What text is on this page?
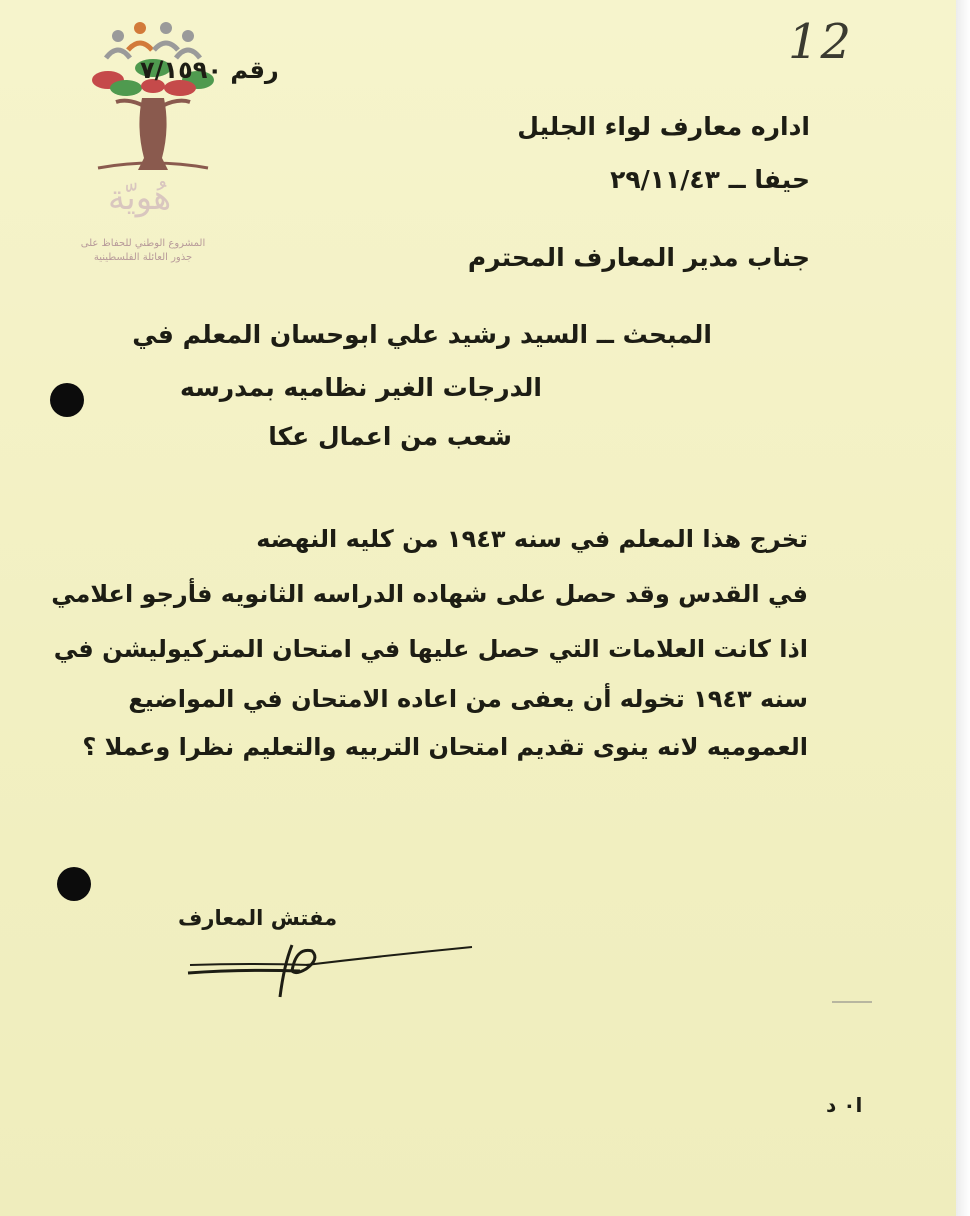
هُويّة
المشروع الوطني للحفاظ على
جذور العائلة الفلسطينية
رقم ٧/١٥٩٠	12
اداره معارف لواء الجليل
حيفا ــ ٢٩/١١/٤٣
جناب مدير المعارف المحترم
المبحث ــ السيد رشيد علي ابوحسان المعلم في
الدرجات الغير نظاميه بمدرسه
شعب من اعمال عكا
تخرج هذا المعلم في سنه ١٩٤٣ من كليه النهضه
في القدس وقد حصل على شهاده الدراسه الثانويه فأرجو اعلامي
اذا كانت العلامات التي حصل عليها في امتحان المتركيوليشن في
سنه ١٩٤٣ تخوله أن يعفى من اعاده الامتحان في المواضيع
العموميه لانه ينوى تقديم امتحان التربيه والتعليم نظرا وعملا ؟
مفتش المعارف
ا٠ د
